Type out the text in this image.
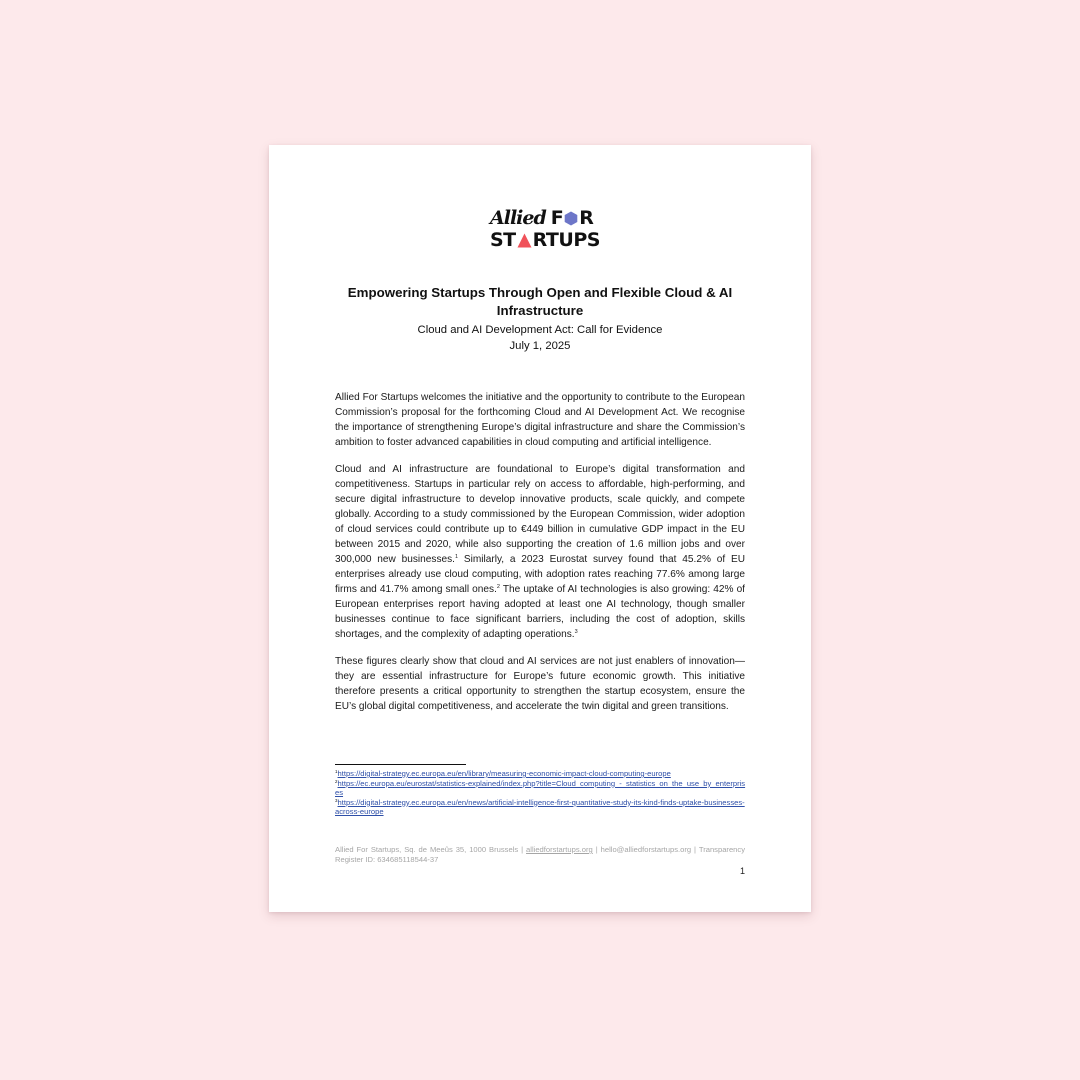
Allied F R
ST RTUPS
Empowering Startups Through Open and Flexible Cloud & AI Infrastructure
Cloud and AI Development Act: Call for Evidence
July 1, 2025

Allied For Startups welcomes the initiative and the opportunity to contribute to the European Commission’s proposal for the forthcoming Cloud and AI Development Act. We recognise the importance of strengthening Europe’s digital infrastructure and share the Commission’s ambition to foster advanced capabilities in cloud computing and artificial intelligence.

Cloud and AI infrastructure are foundational to Europe’s digital transformation and competitiveness. Startups in particular rely on access to affordable, high-performing, and secure digital infrastructure to develop innovative products, scale quickly, and compete globally. According to a study commissioned by the European Commission, wider adoption of cloud services could contribute up to €449 billion in cumulative GDP impact in the EU between 2015 and 2020, while also supporting the creation of 1.6 million jobs and over 300,000 new businesses.$^1$ Similarly, a 2023 Eurostat survey found that 45.2% of EU enterprises already use cloud computing, with adoption rates reaching 77.6% among large firms and 41.7% among small ones.$^2$ The uptake of AI technologies is also growing: 42% of European enterprises report having adopted at least one AI technology, though smaller businesses continue to face significant barriers, including the cost of adoption, skills shortages, and the complexity of adapting operations.$^3$

These figures clearly show that cloud and AI services are not just enablers of innovation—they are essential infrastructure for Europe’s future economic growth. This initiative therefore presents a critical opportunity to strengthen the startup ecosystem, ensure the EU’s global digital competitiveness, and accelerate the twin digital and green transitions.

$^1$https://digital-strategy.ec.europa.eu/en/library/measuring-economic-impact-cloud-computing-europe
$^2$https://ec.europa.eu/eurostat/statistics-explained/index.php?title=Cloud_computing_-_statistics_on_the_use_by_enterprises
$^3$https://digital-strategy.ec.europa.eu/en/news/artificial-intelligence-first-quantitative-study-its-kind-finds-uptake-businesses-across-europe
Allied For Startups, Sq. de Meeûs 35, 1000 Brussels | alliedforstartups.org | hello@alliedforstartups.org | Transparency Register ID: 634685118544-37
1
